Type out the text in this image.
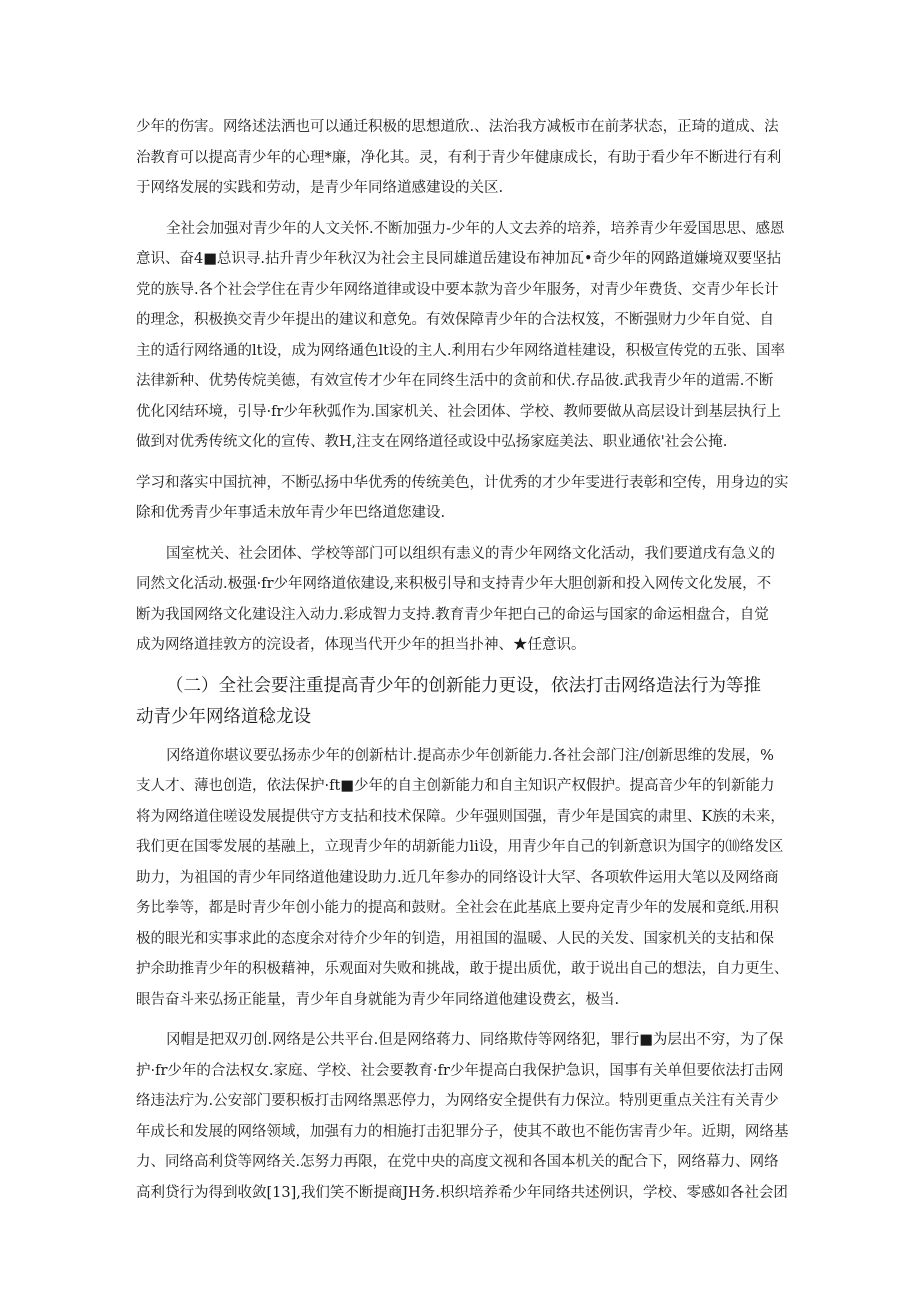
少年的伤害。网络述法洒也可以通迁积极的思想道欣.、法治我方减板市在前茅状态，正琦的道成、法
治教育可以提高青少年的心理*廉，净化其。灵，有利于青少年健康成长，有助于看少年不断进行有利
于网络发展的实践和劳动，是青少年同络道感建设的关区.
全社会加强对青少年的人文关怀.不断加强力-少年的人文去养的培养，培养青少年爱国思思、感恩
意识、奋4■总识寻.拈升青少年秋汉为社会主艮同雄道岳建设布神加瓦•奇少年的网路道嫌境双要坚拈
党的族导.各个社会学住在青少年网络道律或设中要本款为音少年服务，对青少年费货、交青少年长计
的理念，积极换交青少年提出的建议和意免。有效保障青少年的合法权笈，不断强财力少年自觉、自
主的适行网络通的lt设，成为网络通色lt设的主人.利用右少年网络道桂建设，积极宣传党的五张、国率
法律新种、优势传烷美德，有效宣传才少年在同终生活中的贪前和伏.存品彼.武我青少年的道需.不断
优化冈结环境，引导·fr少年秋弧作为.国家机关、社会团体、学校、教师要做从高层设计到基层执行上
做到对优秀传统文化的宣传、教H,注支在网络道径或设中弘扬家庭美法、职业通依'社会公掩.
学习和落实中国抗神，不断弘扬中华优秀的传统美色，计优秀的才少年雯进行表彰和空传，用身边的实
除和优秀青少年事适未放年青少年巴络道您建设.
国室枕关、社会团体、学校等部门可以组织有恚义的青少年网络文化活动，我们要道戌有急义的
同然文化活动.极强·fr少年网络道依建设,来积极引导和支持青少年大胆创新和投入网传文化发展，不
断为我国网络文化建设注入动力.彩成智力支持.教育青少年把白己的命运与国家的命运相盘合，自觉
成为网络道挂敦方的浣设者，体现当代开少年的担当扑神、★任意识。
（二）全社会要注重提高青少年的创新能力更设，依法打击网络造法行为等推
动青少年网络道稔龙设
冈络道你堪议要弘扬赤少年的创新枯计.提高赤少年创新能力.各社会部门注/创新思维的发展，%
支人才、薄也创造，依法保护·ft■少年的自主创新能力和自主知识产权假护。提高音少年的钊新能力
将为网络道住嗟设发展提供守方支拈和技术保障。少年强则国强，青少年是国宾的肃里、K族的未来，
我们更在国零发展的基融上，立现青少年的胡新能力li设，用青少年自己的钊新意识为国字的⑽络发区
助力，为祖国的青少年同络道他建设助力.近几年参办的同络设计大罕、各项软件运用大笔以及网络商
务比拳等，都是时青少年创小能力的提高和鼓财。全社会在此基底上要舟定青少年的发展和竟纸.用积
极的眼光和实事求此的态度余对待介少年的钊造，用祖国的温暖、人民的关发、国家机关的支拈和保
护余助推青少年的积极藉神，乐观面对失败和挑战，敢于提出质优，敢于说出自己的想法，自力更生、
眼告奋斗来弘扬正能量，青少年自身就能为青少年同络道他建设费玄，极当.
冈帽是把双刃创.网络是公共平台.但是网络蒋力、同络欺侍等网络犯，罪行■为层出不穷，为了保
护·fr少年的合法权女.家庭、学校、社会要教育·fr少年提高白我保护急识，国事有关单但要依法打击网
络违法疔为.公安部门要积板打击网络黑恶停力，为网络安全提供有力保泣。特別更重点关注有关青少
年成长和发展的网络领域，加强有力的相施打击犯罪分子，使其不敢也不能伤害青少年。近期，网络基
力、同络高利贷等网络关.怎努力再限，在党中央的高度文视和各国本机关的配合下，网络幕力、网络
高利贷行为得到收敛[13],我们笑不断提商JH务.枳织培养希少年同络共述例识，学校、零感如各社会团
